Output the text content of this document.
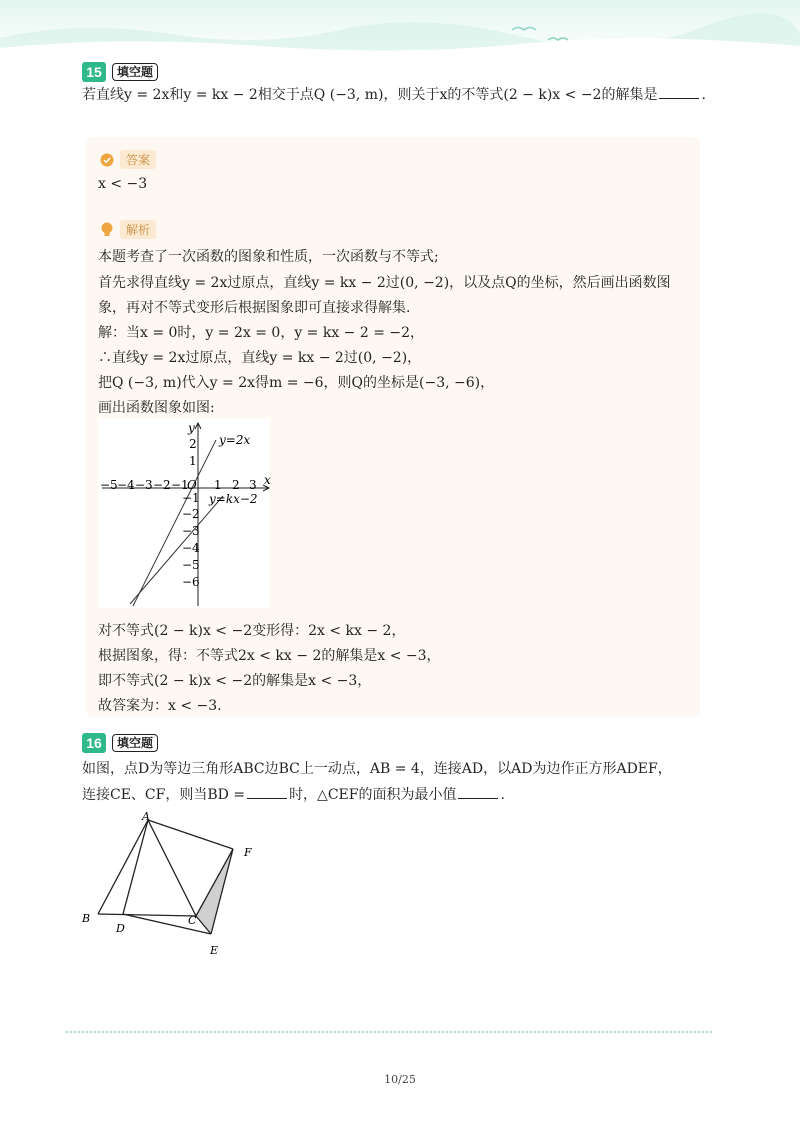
15	填空题
若直线y = 2x和y = kx − 2相交于点Q (−3, m)，则关于x的不等式(2 − k)x < −2的解集是	.
答案
x < −3
解析
本题考查了一次函数的图象和性质，一次函数与不等式;
首先求得直线y = 2x过原点，直线y = kx − 2过(0, −2)，以及点Q的坐标，然后画出函数图
象，再对不等式变形后根据图象即可直接求得解集.
解：当x = 0时，y = 2x = 0，y = kx − 2 = −2，
∴直线y = 2x过原点，直线y = kx − 2过(0, −2)，
把Q (−3, m)代入y = 2x得m = −6，则Q的坐标是(−3, −6)，
画出函数图象如图:
x
y
O
−5 −4 −3 −2 −1 1 2 3
2
1
−1
−2
−3
−4
−5
−6
y=2x
y=kx−2
对不等式(2 − k)x < −2变形得：2x < kx − 2，
根据图象，得：不等式2x < kx − 2的解集是x < −3，
即不等式(2 − k)x < −2的解集是x < −3，
故答案为：x < −3.
16	填空题
如图，点D为等边三角形ABC边BC上一动点，AB = 4，连接AD，以AD为边作正方形ADEF，
连接CE、CF，则当BD =	时，△CEF的面积为最小值	.
A
B	C
D
E
F
10/25
